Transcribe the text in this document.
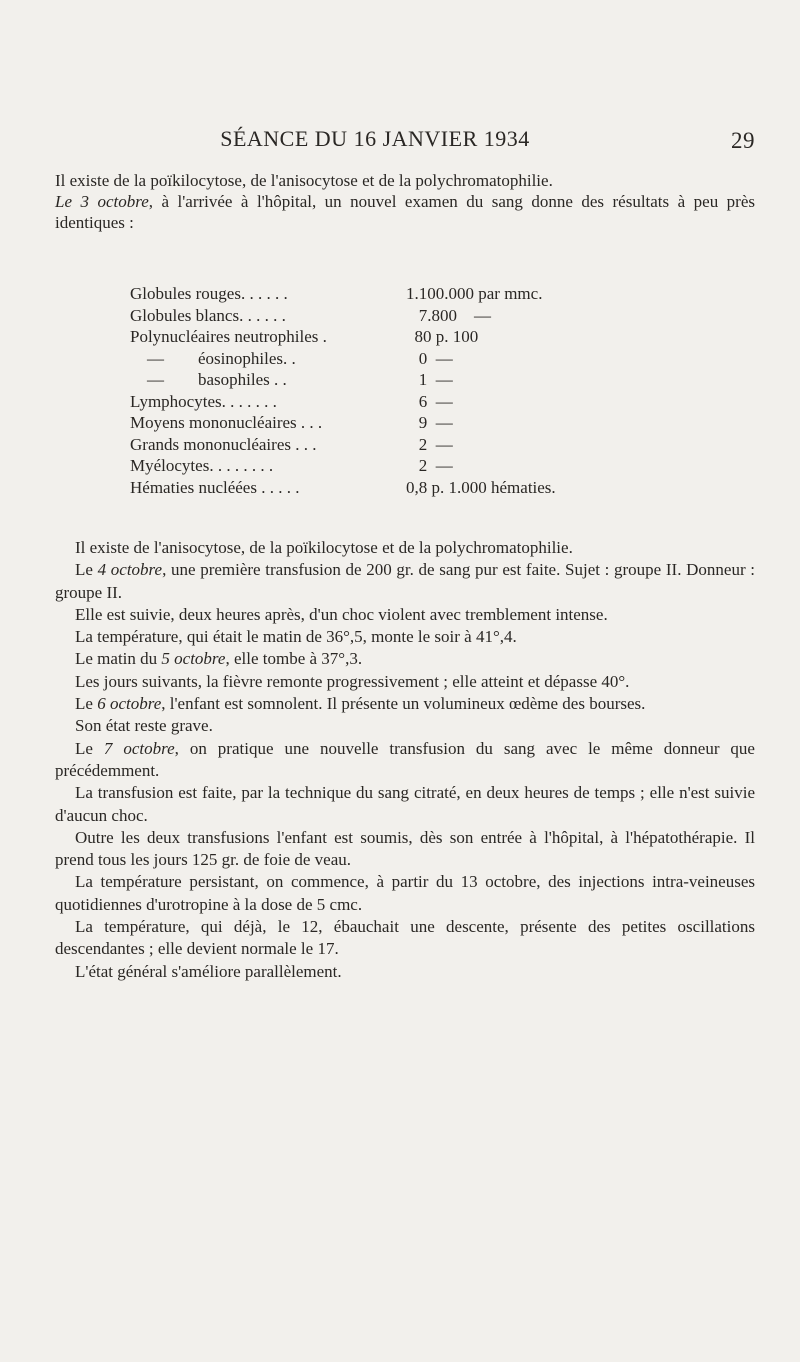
SÉANCE DU 16 JANVIER 1934	29

Il existe de la poïkilocytose, de l'anisocytose et de la polychromatophilie.

Le 3 octobre, à l'arrivée à l'hôpital, un nouvel examen du sang donne des résultats à peu près identiques :

Globules rouges. . . . . .	1.100.000 par mmc.
Globules blancs. . . . . .	7.800    —
Polynucléaires neutrophiles .	80 p. 100
—        éosinophiles. .	0  —
—        basophiles . .	1  —
Lymphocytes. . . . . . .	6  —
Moyens mononucléaires . . .	9  —
Grands mononucléaires . . .	2  —
Myélocytes. . . . . . . .	2  —
Hématies nucléées . . . . .	0,8 p. 1.000 hématies.

Il existe de l'anisocytose, de la poïkilocytose et de la polychromatophilie.

Le 4 octobre, une première transfusion de 200 gr. de sang pur est faite. Sujet : groupe II. Donneur : groupe II.

Elle est suivie, deux heures après, d'un choc violent avec tremblement intense.

La température, qui était le matin de 36°,5, monte le soir à 41°,4.

Le matin du 5 octobre, elle tombe à 37°,3.

Les jours suivants, la fièvre remonte progressivement ; elle atteint et dépasse 40°.

Le 6 octobre, l'enfant est somnolent. Il présente un volumineux œdème des bourses.

Son état reste grave.

Le 7 octobre, on pratique une nouvelle transfusion du sang avec le même donneur que précédemment.

La transfusion est faite, par la technique du sang citraté, en deux heures de temps ; elle n'est suivie d'aucun choc.

Outre les deux transfusions l'enfant est soumis, dès son entrée à l'hôpital, à l'hépatothérapie. Il prend tous les jours 125 gr. de foie de veau.

La température persistant, on commence, à partir du 13 octobre, des injections intra-veineuses quotidiennes d'urotropine à la dose de 5 cmc.

La température, qui déjà, le 12, ébauchait une descente, présente des petites oscillations descendantes ; elle devient normale le 17.

L'état général s'améliore parallèlement.
